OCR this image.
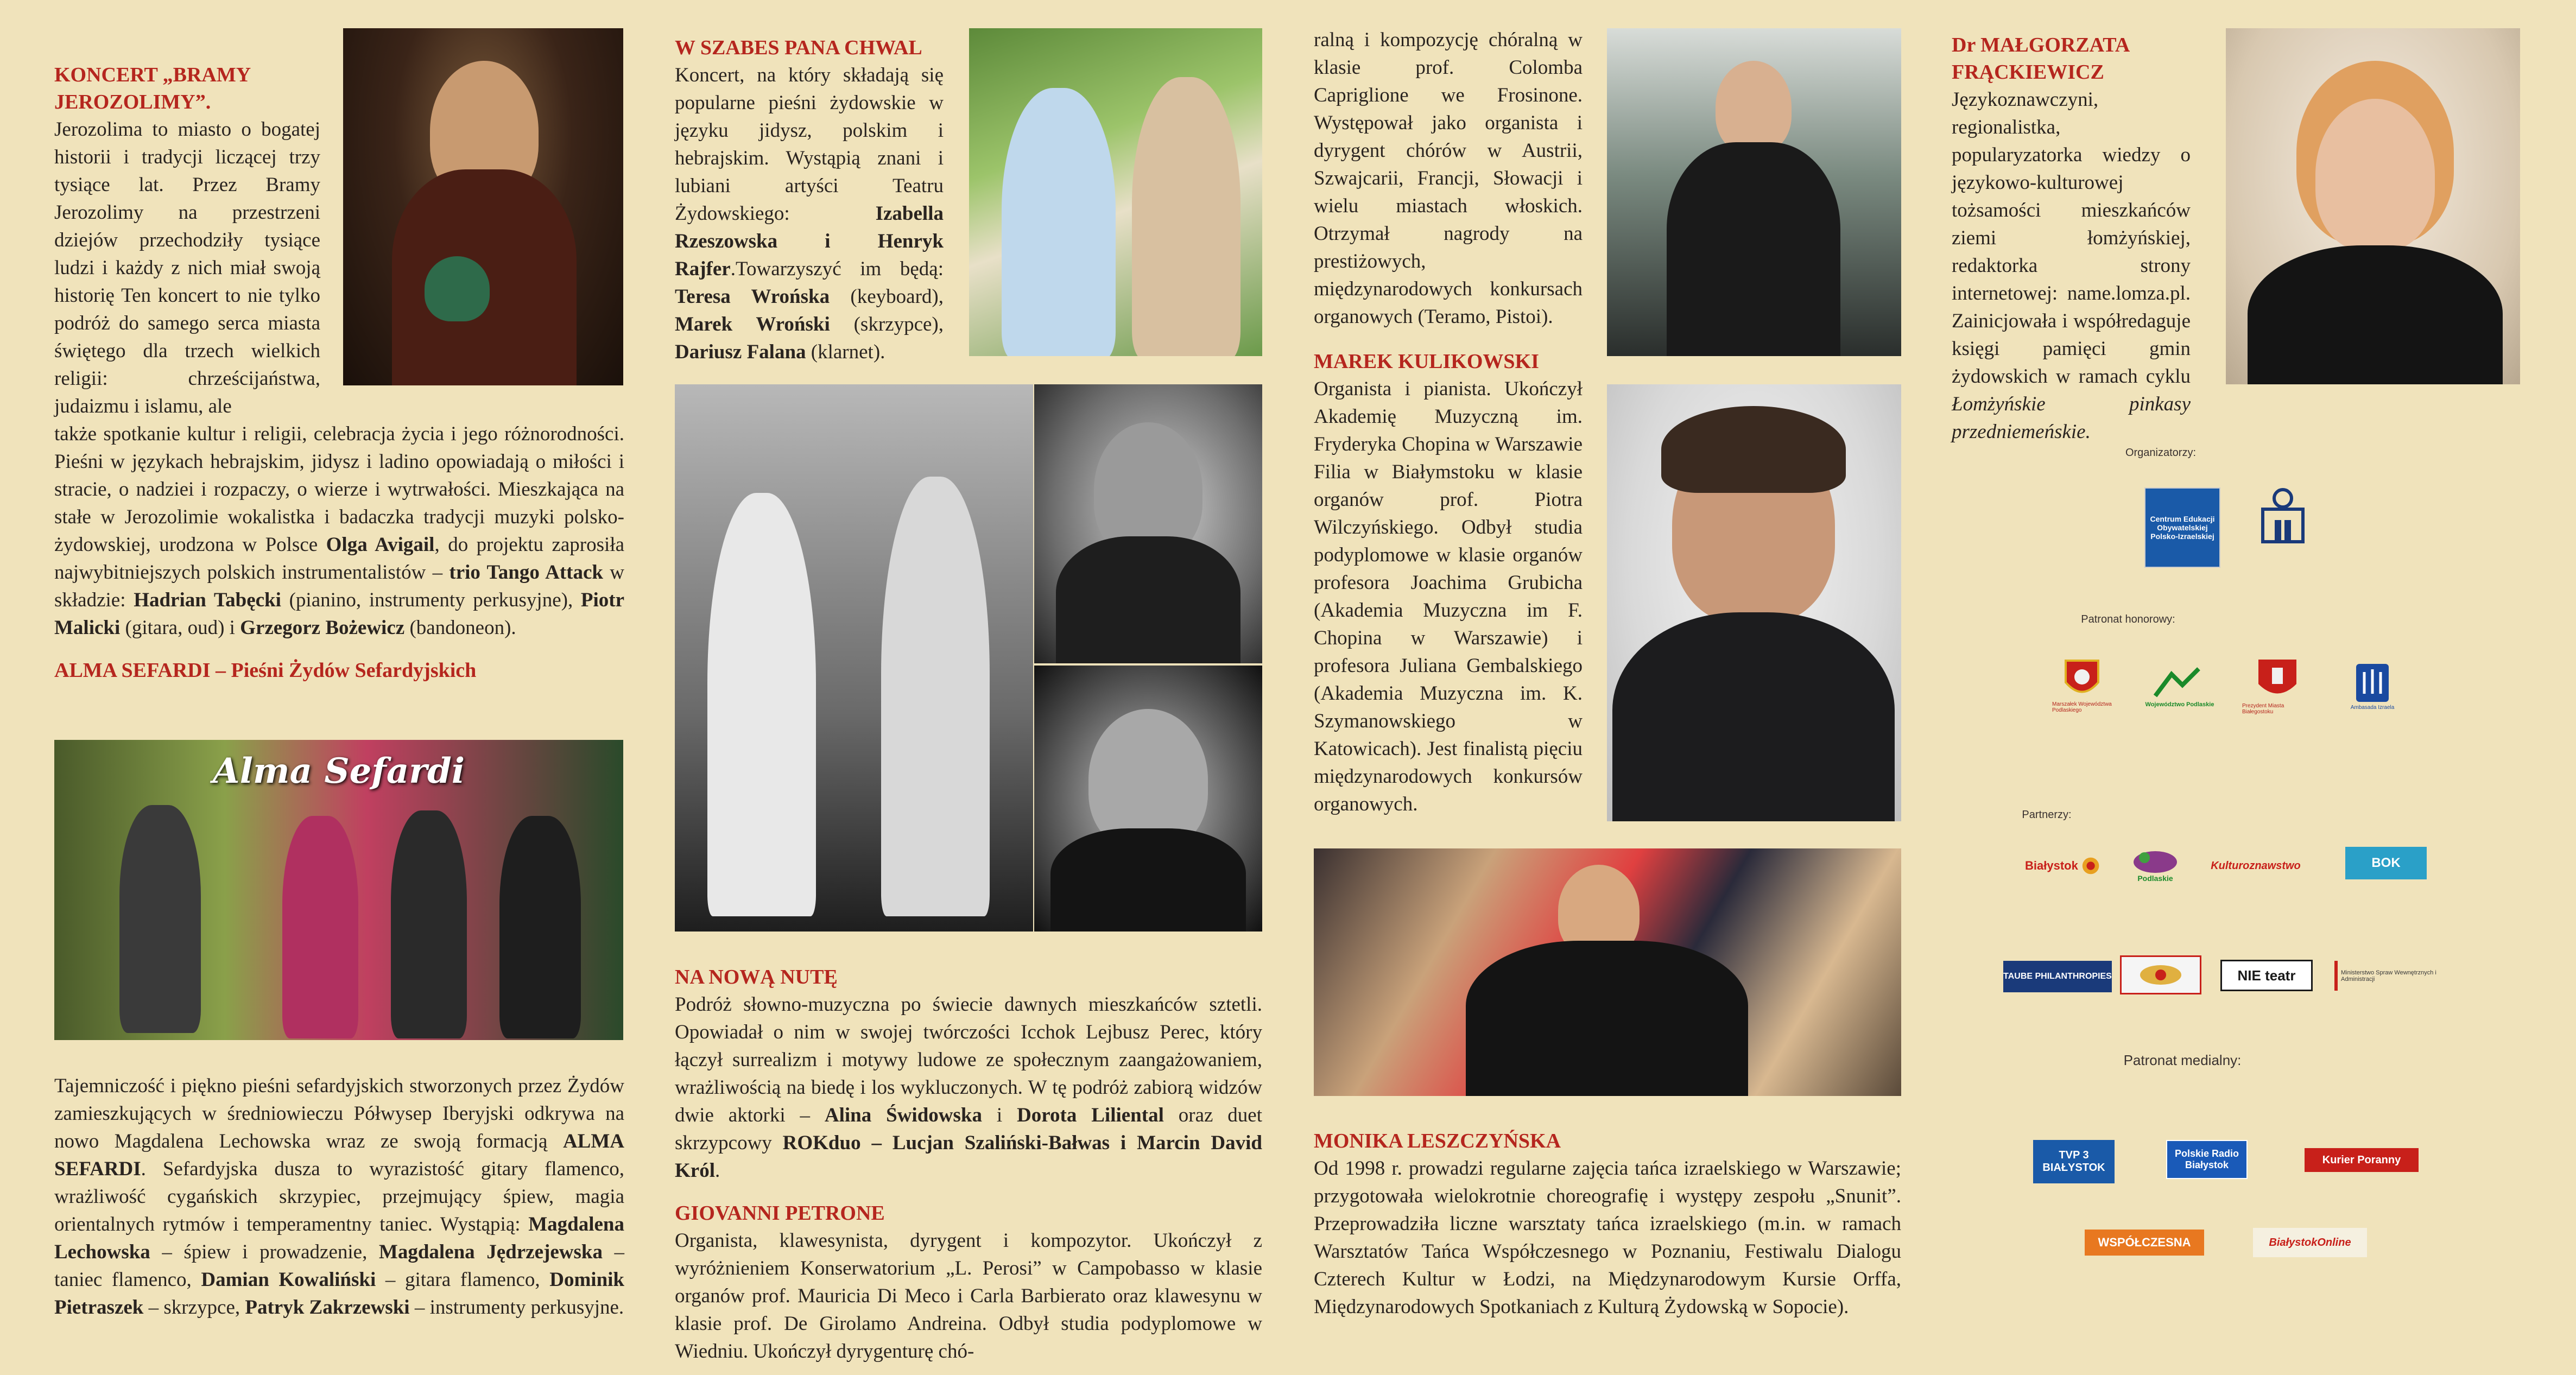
KONCERT „BRAMY JEROZOLIMY”.
Jerozolima to miasto o bogatej historii i tradycji liczącej trzy tysiące lat. Przez Bramy Jerozolimy na przestrzeni dziejów przechodziły tysiące ludzi i każdy z nich miał swoją historię Ten koncert to nie tylko podróż do samego serca miasta świętego dla trzech wielkich religii: chrześcijaństwa, judaizmu i islamu, ale
także spotkanie kultur i religii, celebracja życia i jego różnorodności. Pieśni w językach hebrajskim, jidysz i ladino opowiadają o miłości i stracie, o nadziei i rozpaczy, o wierze i wytrwałości. Mieszkająca na stałe w Jerozolimie wokalistka i badaczka tradycji muzyki polsko-żydowskiej, urodzona w Polsce Olga Avigail, do projektu zaprosiła najwybitniejszych polskich instrumentalistów – trio Tango Attack w składzie: Hadrian Tabęcki (pianino, instrumenty perkusyjne), Piotr Malicki (gitara, oud) i Grzegorz Bożewicz (bandoneon).
ALMA SEFARDI – Pieśni Żydów Sefardyjskich
Alma Sefardi
Tajemniczość i piękno pieśni sefardyjskich stworzonych przez Żydów zamieszkujących w średniowieczu Półwysep Iberyjski odkrywa na nowo Magdalena Lechowska wraz ze swoją formacją ALMA SEFARDI. Sefardyjska dusza to wyrazistość gitary flamenco, wrażliwość cygańskich skrzypiec, przejmujący śpiew, magia orientalnych rytmów i temperamentny taniec. Wystąpią: Magdalena Lechowska – śpiew i prowadzenie, Magdalena Jędrzejewska – taniec flamenco, Damian Kowaliński – gitara flamenco, Dominik Pietraszek – skrzypce, Patryk Zakrzewski – instrumenty perkusyjne.
W SZABES PANA CHWAL
Koncert, na który składają się popularne pieśni żydowskie w języku jidysz, polskim i hebrajskim. Wystąpią znani i lubiani artyści Teatru Żydowskiego: Izabella Rzeszowska i Henryk Rajfer.Towarzyszyć im będą: Teresa Wrońska (keyboard), Marek Wroński (skrzypce), Dariusz Falana (klarnet).
NA NOWĄ NUTĘ
Podróż słowno-muzyczna po świecie dawnych mieszkańców sztetli. Opowiadał o nim w swojej twórczości Icchok Lejbusz Perec, który łączył surrealizm i motywy ludowe ze społecznym zaangażowaniem, wrażliwością na biedę i los wykluczonych. W tę podróż zabiorą widzów dwie aktorki – Alina Świdowska i Dorota Liliental oraz duet skrzypcowy ROKduo – Lucjan Szaliński-Bałwas i Marcin David Król.
GIOVANNI PETRONE
Organista, klawesynista, dyrygent i kompozytor. Ukończył z wyróżnieniem Konserwatorium „L. Perosi” w Campobasso w klasie organów prof. Mauricia Di Meco i Carla Barbierato oraz klawesynu w klasie prof. De Girolamo Andreina. Odbył studia podyplomowe w Wiedniu. Ukończył dyrygenturę chó-
ralną i kompozycję chóralną w klasie prof. Colomba Capriglione we Frosinone. Występował jako organista i dyrygent chórów w Austrii, Szwajcarii, Francji, Słowacji i wielu miastach włoskich. Otrzymał nagrody na prestiżowych, międzynarodowych konkursach organowych (Teramo, Pistoi).
MAREK KULIKOWSKI
Organista i pianista. Ukończył Akademię Muzyczną im. Fryderyka Chopina w Warszawie Filia w Białymstoku w klasie organów prof. Piotra Wilczyńskiego. Odbył studia podyplomowe w klasie organów profesora Joachima Grubicha (Akademia Muzyczna im F. Chopina w Warszawie) i profesora Juliana Gembalskiego (Akademia Muzyczna im. K. Szymanowskiego w Katowicach). Jest finalistą pięciu międzynarodowych konkursów organowych.
MONIKA LESZCZYŃSKA
Od 1998 r. prowadzi regularne zajęcia tańca izraelskiego w Warszawie; przygotowała wielokrotnie choreografię i występy zespołu „Snunit”. Przeprowadziła liczne warsztaty tańca izraelskiego (m.in. w ramach Warsztatów Tańca Współczesnego w Poznaniu, Festiwalu Dialogu Czterech Kultur w Łodzi, na Międzynarodowym Kursie Orffa, Międzynarodowych Spotkaniach z Kulturą Żydowską w Sopocie).
Dr MAŁGORZATA FRĄCKIEWICZ
Językoznawczyni, regionalistka, popularyzatorka wiedzy o językowo-kulturowej tożsamości mieszkańców ziemi łomżyńskiej, redaktorka strony internetowej: name.lomza.pl. Zainicjowała i współredaguje księgi pamięci gmin żydowskich w ramach cyklu Łomżyńskie pinkasy przedniemeńskie.
Organizatorzy:
Centrum Edukacji Obywatelskiej Polsko-Izraelskiej
Patronat honorowy:
Marszałek Województwa Podlaskiego
Województwo Podlaskie	Prezydent Miasta Białegostoku
Ambasada Izraela
Partnerzy:
Białystok
Podlaskie
Kulturoznawstwo	BOK
TAUBE PHILANTHROPIES	NIE teatr	Ministerstwo Spraw Wewnętrznych i Administracji
Patronat medialny:
TVP 3 BIAŁYSTOK
Polskie Radio Białystok	Kurier Poranny
WSPÓŁCZESNA	BiałystokOnline
